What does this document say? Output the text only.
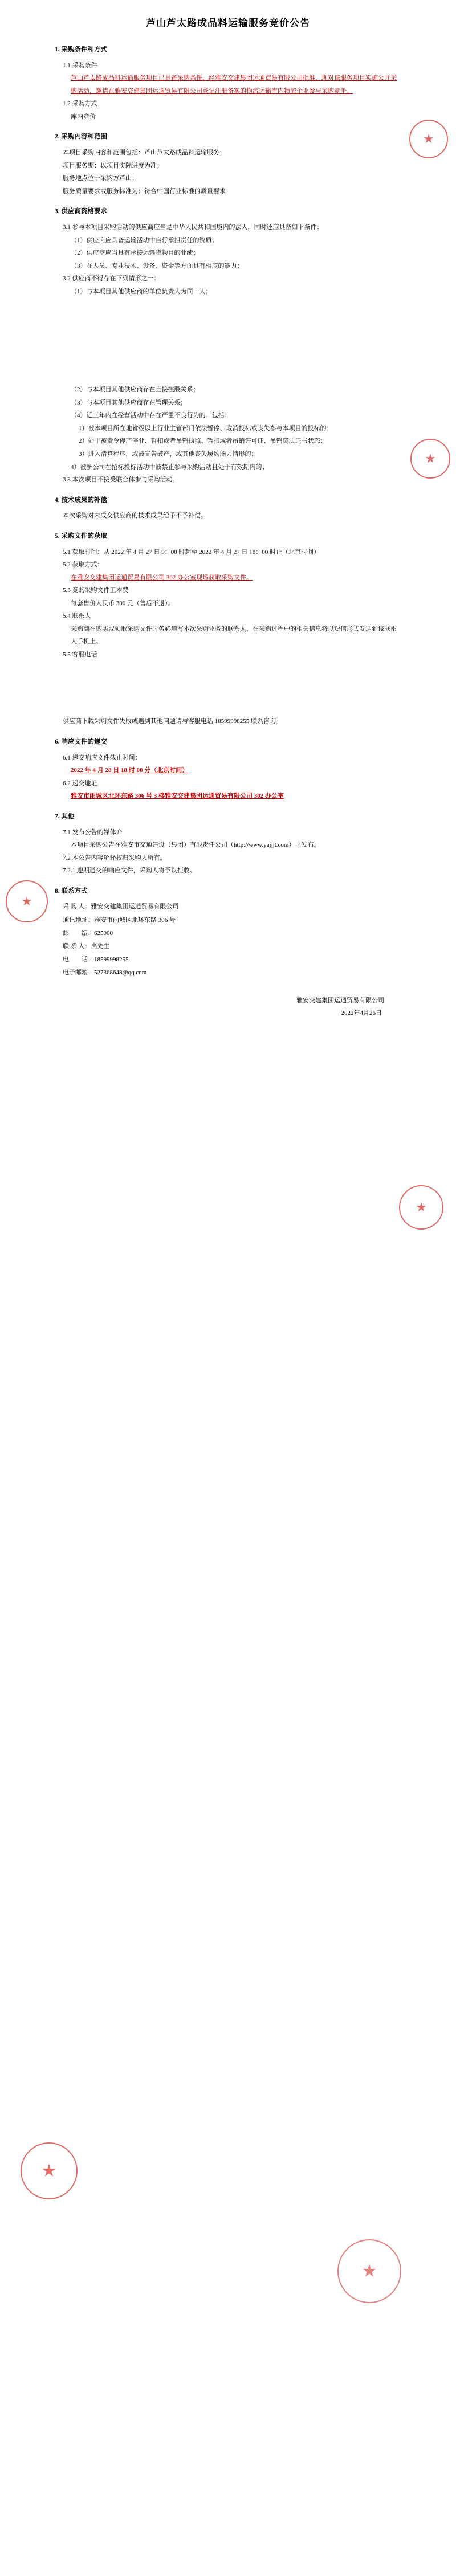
芦山芦太路成品料运输服务竞价公告
1. 采购条件和方式

1.1 采购条件

芦山芦太路成品料运输服务项目已具备采购条件，经雅安交建集团运通贸易有限公司批准，现对该服务项目实施公开采购活动，邀请在雅安交建集团运通贸易有限公司登记注册备案的物流运输库内物流企业参与采购竞争。

1.2 采购方式

库内竞价

2. 采购内容和范围

本项目采购内容和范围包括：芦山芦太路成品料运输服务；

项目服务期：以项目实际进度为准；

服务地点位于采购方芦山；

服务质量要求或服务标准为：符合中国行业标准的质量要求

3. 供应商资格要求

3.1 参与本项目采购活动的供应商应当是中华人民共和国境内的法人，同时还应具备如下条件：

（1）供应商应具备运输活动中自行承担责任的资质；

（2）供应商应当具有承接运输货物目的业绩；

（3）在人员、专业技术、设备、资金等方面具有相应的能力；

3.2 供应商不得存在下列情形之一：

（1）与本项目其他供应商的单位负责人为同一人；

（2）与本项目其他供应商存在直接控股关系；

（3）与本项目其他供应商存在管理关系；

（4）近三年内在经营活动中存在严重不良行为的。包括：

1）被本项目所在地省级以上行业主管部门依法暂停、取消投标或丧失参与本项目的投标的；

2）处于被责令停产停业、暂扣或者吊销执照、暂扣或者吊销许可证、吊销资质证书状态；

3）进入清算程序，或被宣告破产，或其他丧失履约能力情形的；

4）被酬公司在招标投标活动中被禁止参与采购活动且处于有效期内的；

3.3 本次项目不接受联合体参与采购活动。

4. 技术成果的补偿

本次采购对未成交供应商的技术成果给予不予补偿。

5. 采购文件的获取

5.1 获取时间：从 2022 年 4 月 27 日 9：00 时起至 2022 年 4 月 27 日 18：00 时止（北京时间）

5.2 获取方式：

在雅安交建集团运通贸易有限公司 302 办公室现场获取采购文件。

5.3 竞购采购文件工本费

每套售价人民币 300 元（售后不退）。

5.4 联系人

采购商在购买或领取采购文件时务必填写本次采购业务的联系人，在采购过程中的相关信息将以短信形式发送到该联系人手机上。

5.5 客服电话

供应商下载采购文件失败或遇到其他问题请与客服电话 18599998255 联系咨询。

6. 响应文件的递交

6.1 递交响应文件截止时间：

2022 年 4 月 28 日 18 时 00 分（北京时间）

6.2 递交地址

雅安市雨城区北环东路 306 号 3 楼雅安交建集团运通贸易有限公司 302 办公室

7. 其他

7.1 发布公告的媒体介

本项目采购公告在雅安市交通建设（集团）有限责任公司（http://www.yajjjt.com）上发布。

7.2 本公告内容解释权归采购人所有。

7.2.1 迎期通交的响应文件，采购人将予以拒收。

8. 联系方式

采 购 人：雅安交建集团运通贸易有限公司

通讯地址：雅安市雨城区北环东路 306 号

邮　　编：625000

联 系 人：高先生

电　　话：18599998255

电子邮箱：527368648@qq.com

雅安交建集团运通贸易有限公司
2022年4月26日
★
★
★
★
★
★
